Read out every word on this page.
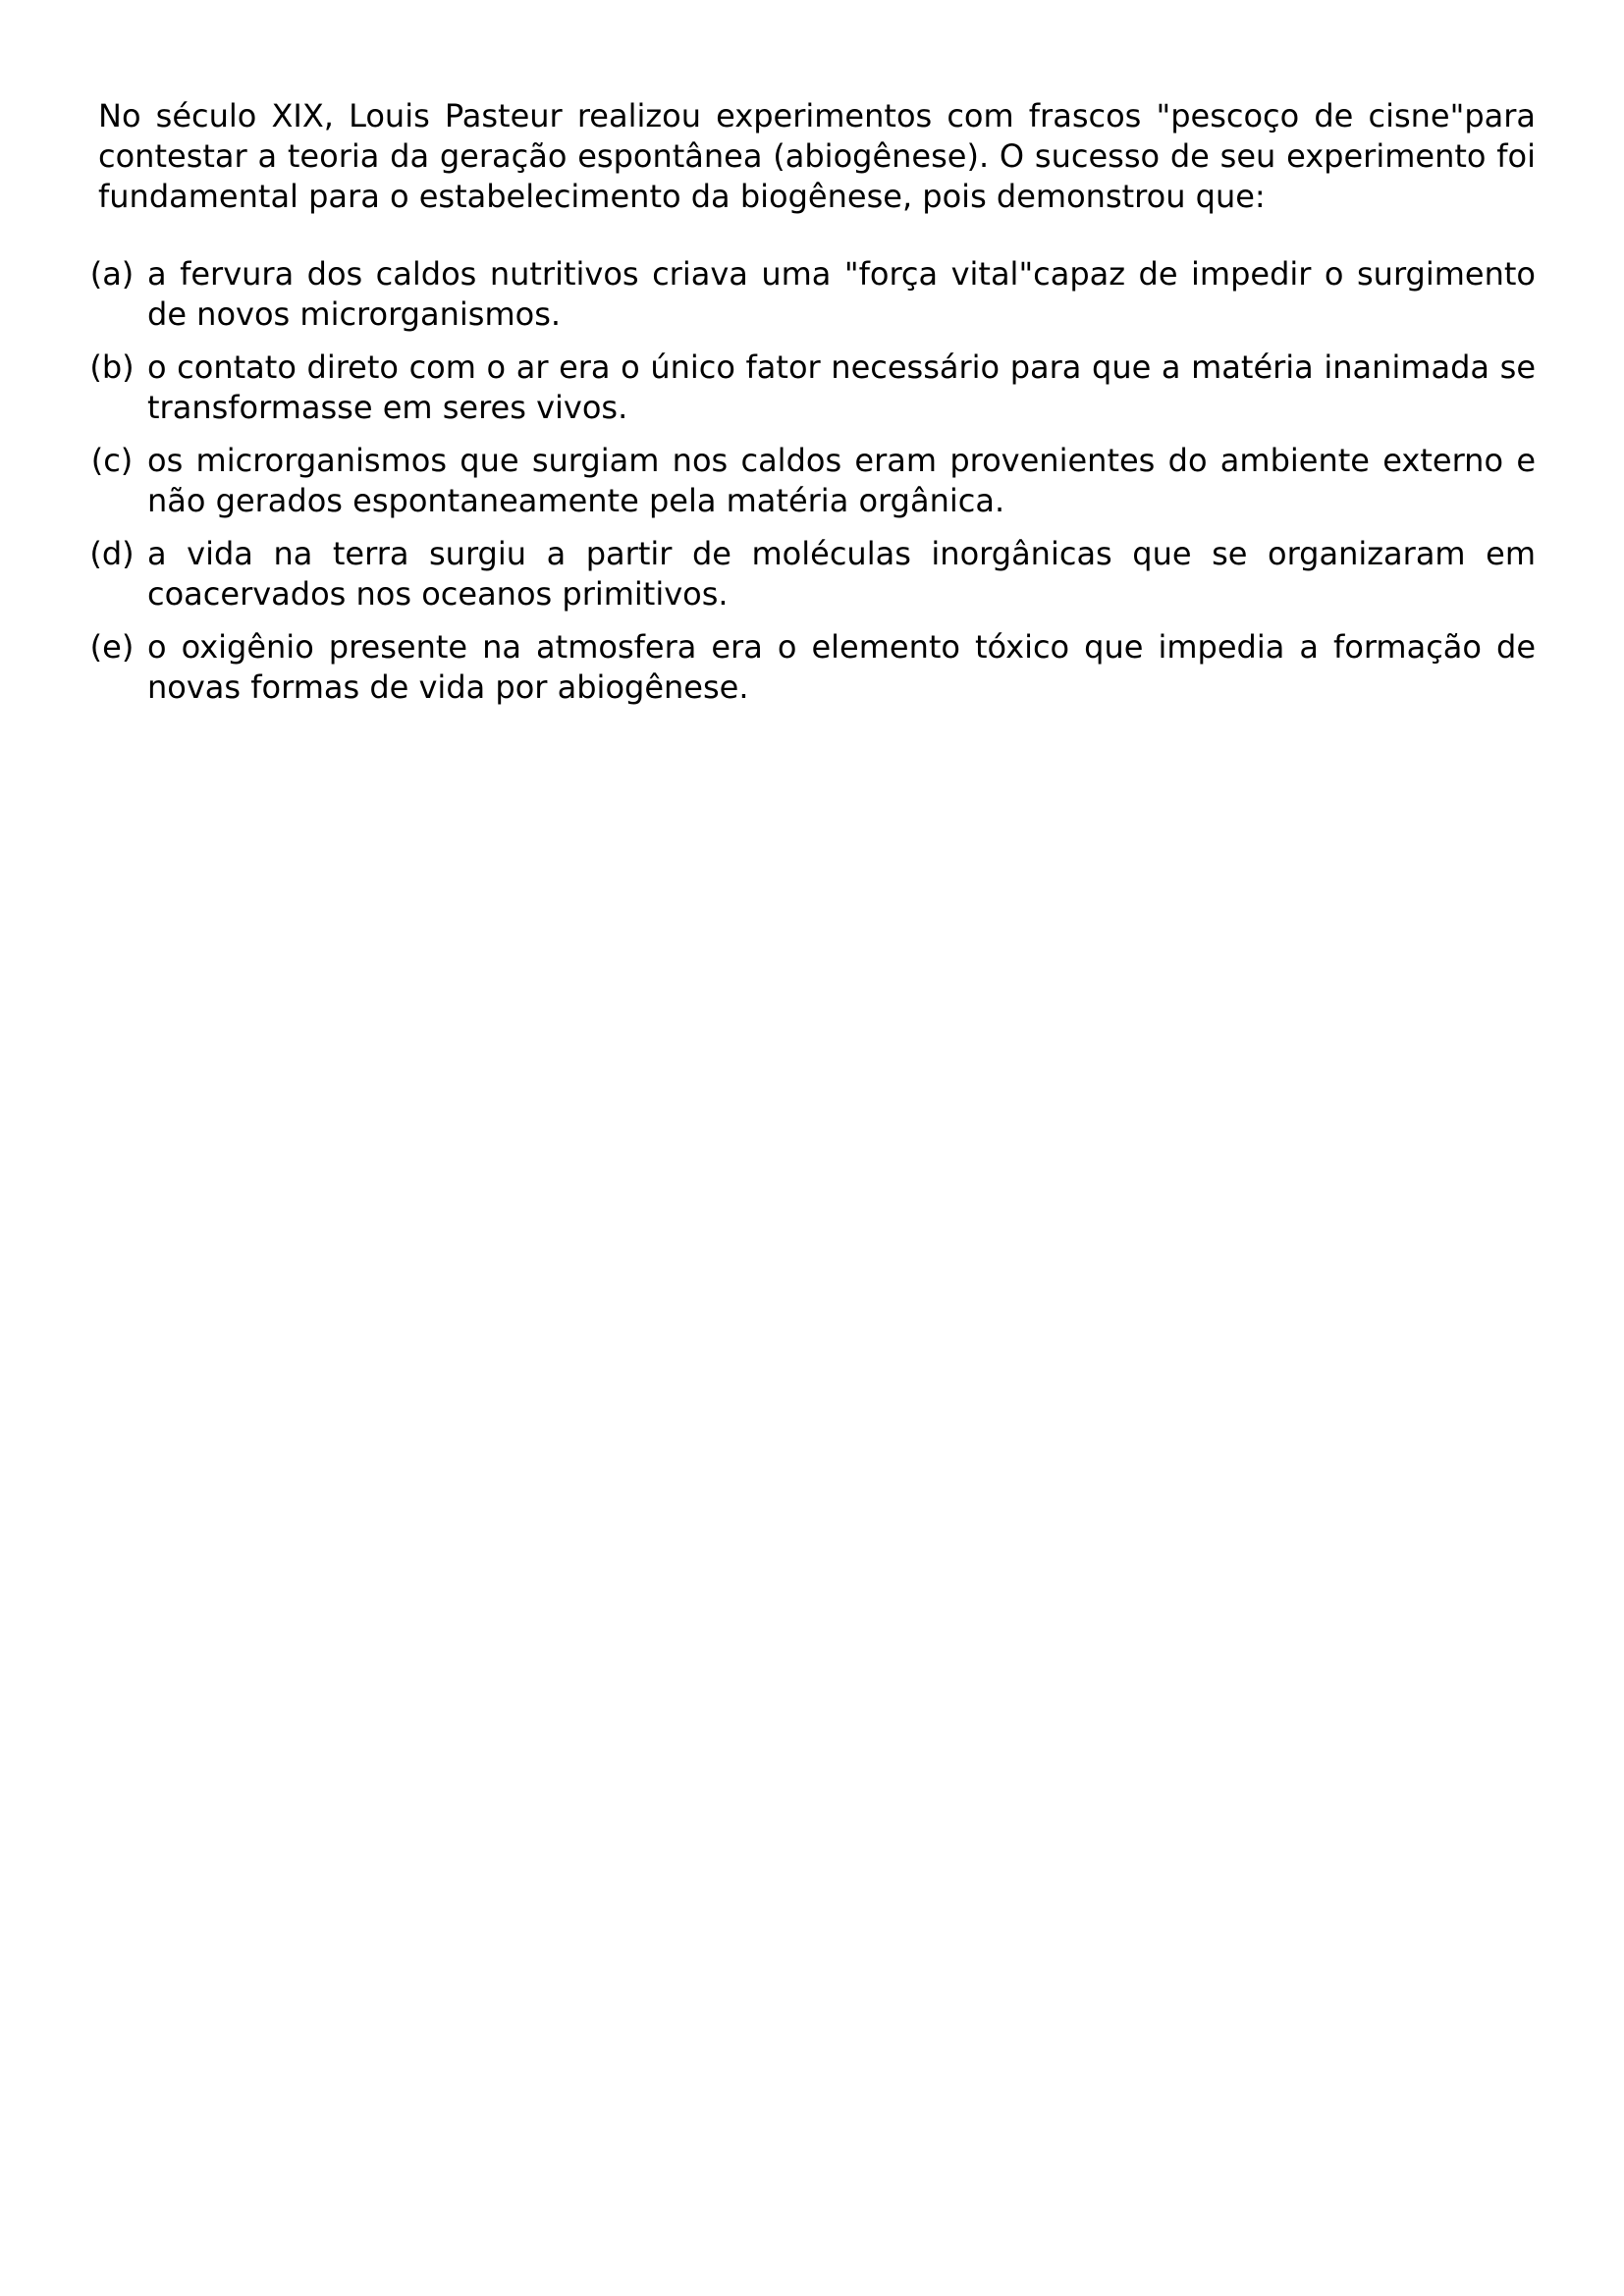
No século XIX, Louis Pasteur realizou experimentos com frascos "pescoço de cisne"para contestar a teoria da geração espontânea (abiogênese). O sucesso de seu experimento foi fundamental para o estabelecimento da biogênese, pois demonstrou que:

(a) a fervura dos caldos nutritivos criava uma "força vital"capaz de impedir o surgimento de novos microrganismos.
(b) o contato direto com o ar era o único fator necessário para que a matéria inanimada se transformasse em seres vivos.
(c) os microrganismos que surgiam nos caldos eram provenientes do ambiente externo e não gerados espontaneamente pela matéria orgânica.
(d) a vida na terra surgiu a partir de moléculas inorgânicas que se organizaram em coacervados nos oceanos primitivos.
(e) o oxigênio presente na atmosfera era o elemento tóxico que impedia a formação de novas formas de vida por abiogênese.
